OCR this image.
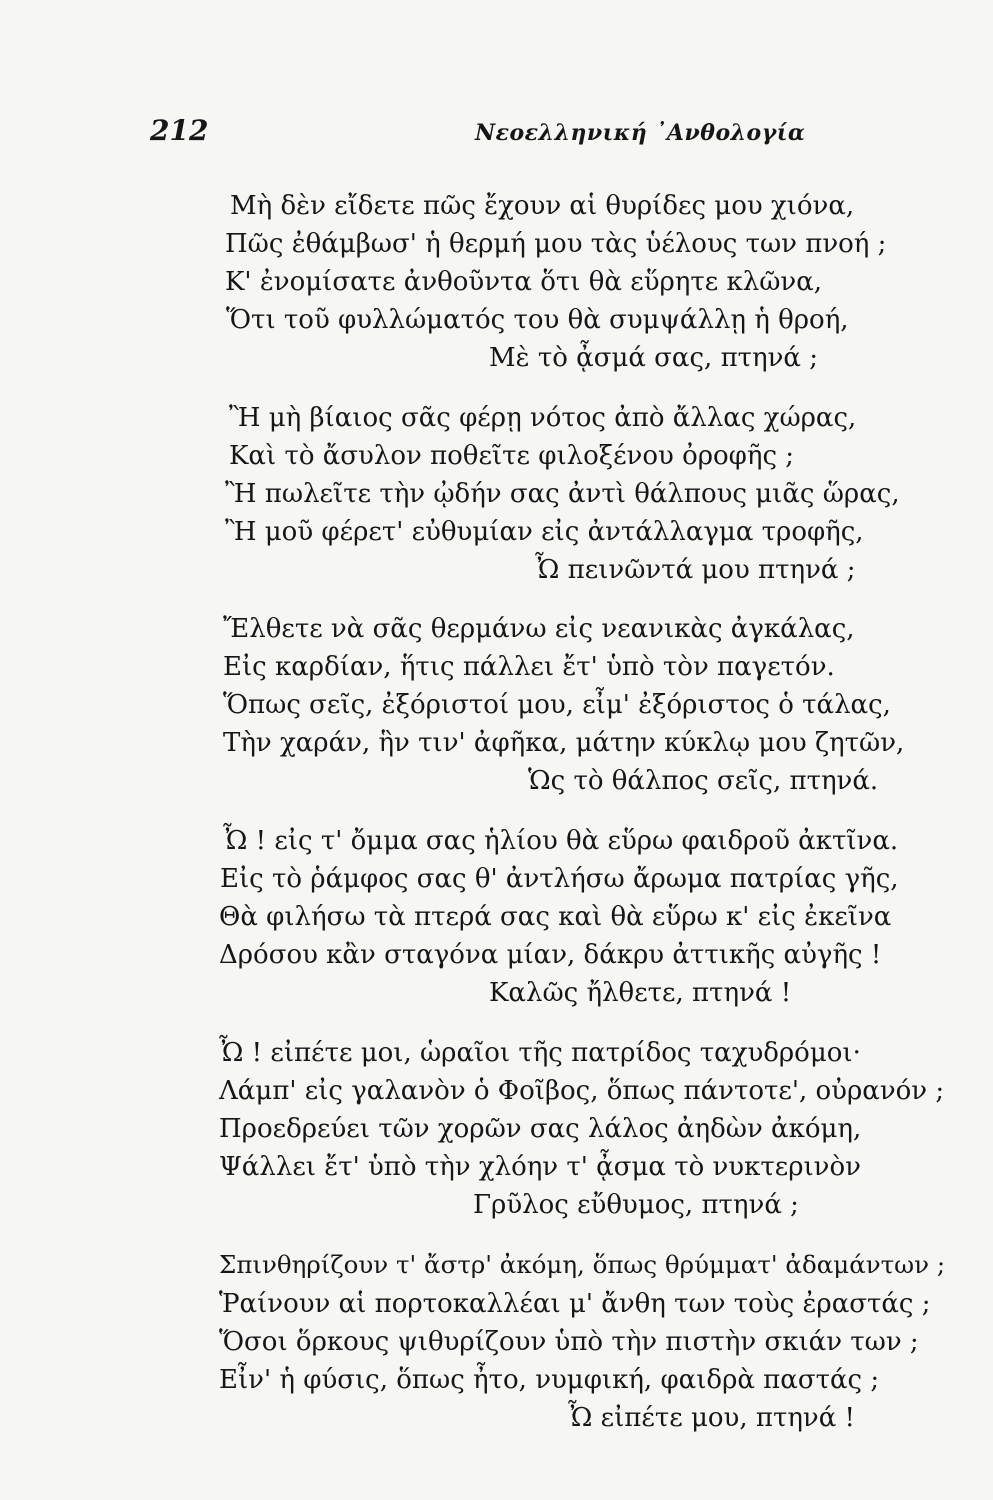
212	Νεοελληνική ᾿Ανθολογία
Μὴ δὲν εἴδετε πῶς ἔχουν αἱ θυρίδες μου χιόνα,
Πῶς ἐθάμβωσ' ἡ θερμή μου τὰς ὑέλους των πνοή ;
Κ' ἐνομίσατε ἀνθοῦντα ὅτι θὰ εὕρητε κλῶνα,
Ὅτι τοῦ φυλλώματός του θὰ συμψάλλῃ ἡ θροή,
Μὲ τὸ ᾆσμά σας, πτηνά ;
Ἢ μὴ βίαιος σᾶς φέρῃ νότος ἀπὸ ἄλλας χώρας,
Καὶ τὸ ἄσυλον ποθεῖτε φιλοξένου ὀροφῆς ;
Ἢ πωλεῖτε τὴν ᾠδήν σας ἀντὶ θάλπους μιᾶς ὥρας,
Ἢ μοῦ φέρετ' εὐθυμίαν εἰς ἀντάλλαγμα τροφῆς,
Ὦ πεινῶντά μου πτηνά ;
Ἔλθετε νὰ σᾶς θερμάνω εἰς νεανικὰς ἀγκάλας,
Εἰς καρδίαν, ἥτις πάλλει ἔτ' ὑπὸ τὸν παγετόν.
Ὅπως σεῖς, ἐξόριστοί μου, εἶμ' ἐξόριστος ὁ τάλας,
Τὴν χαράν, ἣν τιν' ἀφῆκα, μάτην κύκλῳ μου ζητῶν,
Ὡς τὸ θάλπος σεῖς, πτηνά.
Ὦ ! εἰς τ' ὄμμα σας ἡλίου θὰ εὕρω φαιδροῦ ἀκτῖνα.
Εἰς τὸ ῥάμφος σας θ' ἀντλήσω ἄρωμα πατρίας γῆς,
Θὰ φιλήσω τὰ πτερά σας καὶ θὰ εὕρω κ' εἰς ἐκεῖνα
Δρόσου κἂν σταγόνα μίαν, δάκρυ ἀττικῆς αὐγῆς !
Καλῶς ἤλθετε, πτηνά !
Ὦ ! εἰπέτε μοι, ὡραῖοι τῆς πατρίδος ταχυδρόμοι·
Λάμπ' εἰς γαλανὸν ὁ Φοῖβος, ὅπως πάντοτε', οὐρανόν ;
Προεδρεύει τῶν χορῶν σας λάλος ἀηδὼν ἀκόμη,
Ψάλλει ἔτ' ὑπὸ τὴν χλόην τ' ᾆσμα τὸ νυκτερινὸν
Γρῦλος εὔθυμος, πτηνά ;
Σπινθηρίζουν τ' ἄστρ' ἀκόμη, ὅπως θρύμματ' ἀδαμάντων ;
Ῥαίνουν αἱ πορτοκαλλέαι μ' ἄνθη των τοὺς ἐραστάς ;
Ὅσοι ὅρκους ψιθυρίζουν ὑπὸ τὴν πιστὴν σκιάν των ;
Εἶν' ἡ φύσις, ὅπως ἦτο, νυμφική, φαιδρὰ παστάς ;
Ὦ εἰπέτε μου, πτηνά !
